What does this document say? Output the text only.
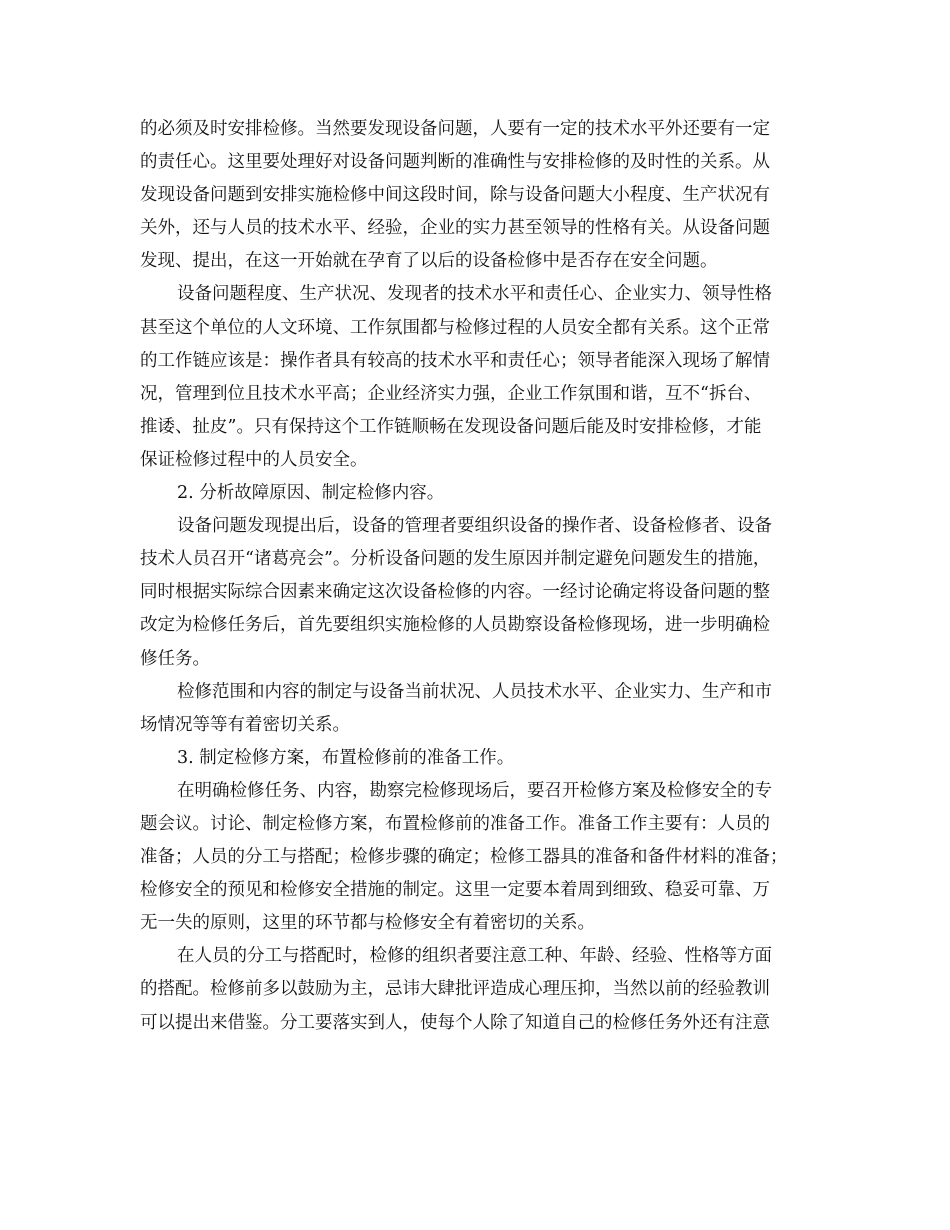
的必须及时安排检修。当然要发现设备问题，人要有一定的技术水平外还要有一定
的责任心。这里要处理好对设备问题判断的准确性与安排检修的及时性的关系。从
发现设备问题到安排实施检修中间这段时间，除与设备问题大小程度、生产状况有
关外，还与人员的技术水平、经验，企业的实力甚至领导的性格有关。从设备问题
发现、提出，在这一开始就在孕育了以后的设备检修中是否存在安全问题。
设备问题程度、生产状况、发现者的技术水平和责任心、企业实力、领导性格
甚至这个单位的人文环境、工作氛围都与检修过程的人员安全都有关系。这个正常
的工作链应该是：操作者具有较高的技术水平和责任心；领导者能深入现场了解情
况，管理到位且技术水平高；企业经济实力强，企业工作氛围和谐，互不“拆台、
推诿、扯皮”。只有保持这个工作链顺畅在发现设备问题后能及时安排检修，才能
保证检修过程中的人员安全。
2. 分析故障原因、制定检修内容。
设备问题发现提出后，设备的管理者要组织设备的操作者、设备检修者、设备
技术人员召开“诸葛亮会”。分析设备问题的发生原因并制定避免问题发生的措施，
同时根据实际综合因素来确定这次设备检修的内容。一经讨论确定将设备问题的整
改定为检修任务后，首先要组织实施检修的人员勘察设备检修现场，进一步明确检
修任务。
检修范围和内容的制定与设备当前状况、人员技术水平、企业实力、生产和市
场情况等等有着密切关系。
3. 制定检修方案，布置检修前的准备工作。
在明确检修任务、内容，勘察完检修现场后，要召开检修方案及检修安全的专
题会议。讨论、制定检修方案，布置检修前的准备工作。准备工作主要有：人员的
准备；人员的分工与搭配；检修步骤的确定；检修工器具的准备和备件材料的准备；
检修安全的预见和检修安全措施的制定。这里一定要本着周到细致、稳妥可靠、万
无一失的原则，这里的环节都与检修安全有着密切的关系。
在人员的分工与搭配时，检修的组织者要注意工种、年龄、经验、性格等方面
的搭配。检修前多以鼓励为主，忌讳大肆批评造成心理压抑，当然以前的经验教训
可以提出来借鉴。分工要落实到人，使每个人除了知道自己的检修任务外还有注意
